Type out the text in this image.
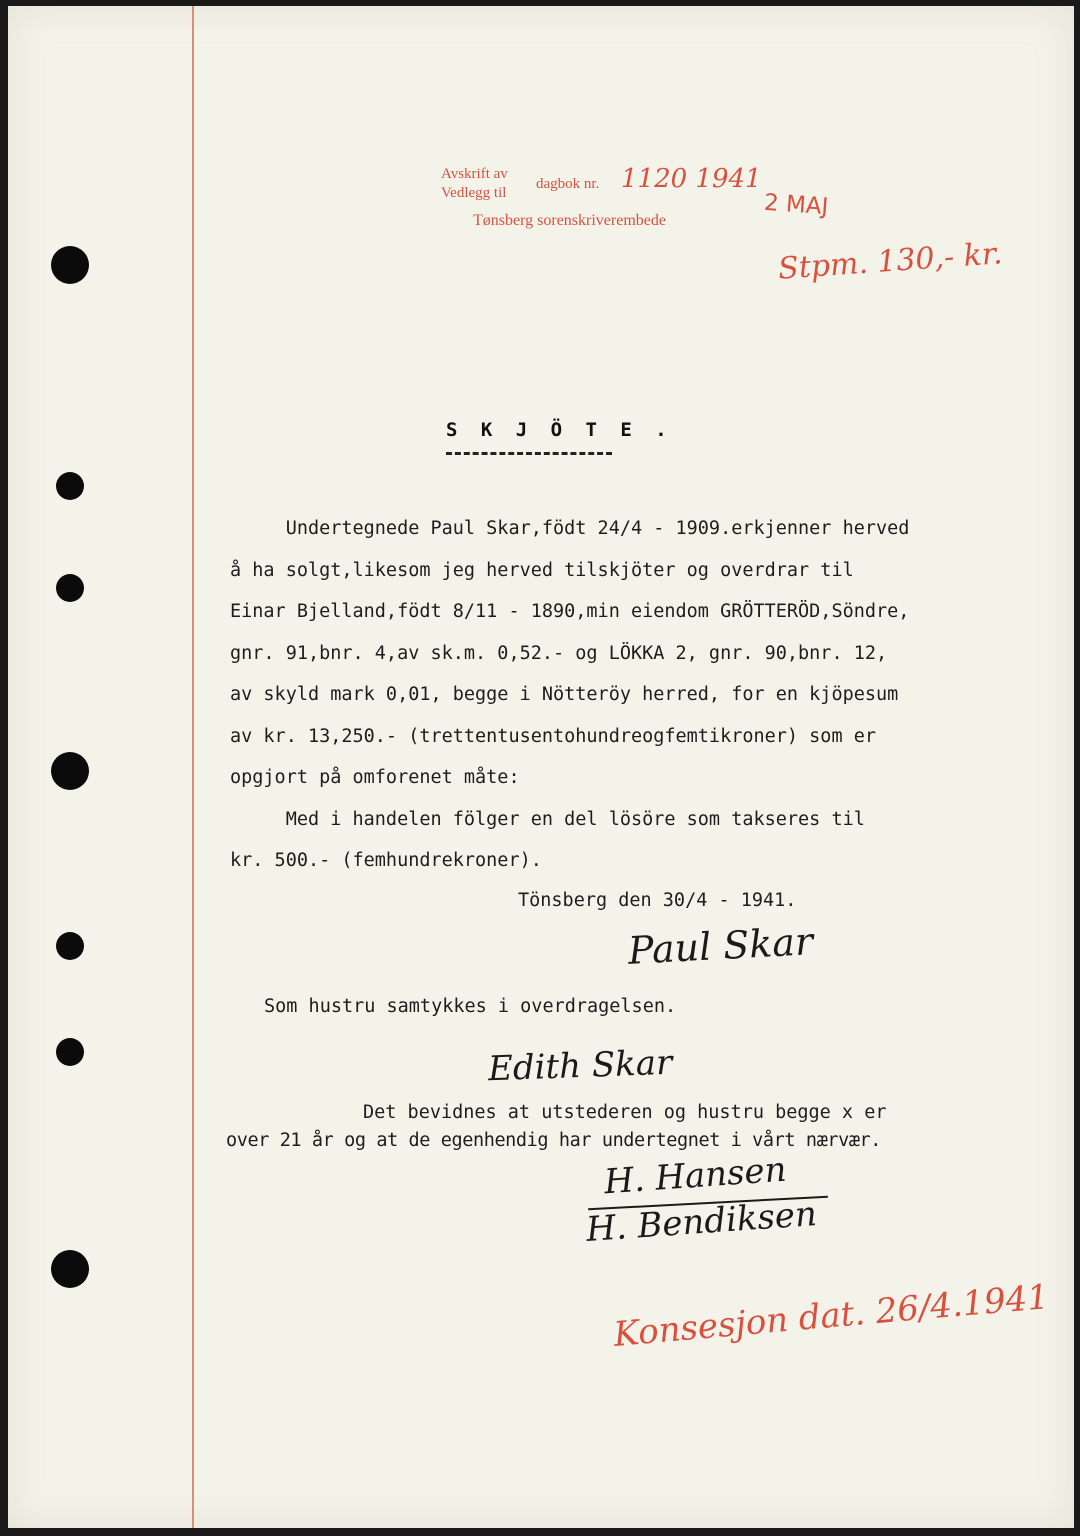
Avskrift av
Vedlegg til
dagbok nr. 1120 1941
Tønsberg sorenskriverembede
2 MAJ
Stpm. 130,- kr.
S K J Ö T E .
Undertegnede Paul Skar,födt 24/4 - 1909.erkjenner herved
å ha solgt,likesom jeg herved tilskjöter og overdrar til
Einar Bjelland,födt 8/11 - 1890,min eiendom GRÖTTERÖD,Söndre,
gnr. 91,bnr. 4,av sk.m. 0,52.- og LÖKKA 2, gnr. 90,bnr. 12,
av skyld mark 0,01, begge i Nötteröy herred, for en kjöpesum
av kr. 13,250.- (trettentusentohundreogfemtikroner) som er
opgjort på omforenet måte:
Med i handelen fölger en del lösöre som takseres til
kr. 500.- (femhundrekroner).
Tönsberg den 30/4 - 1941.
Paul Skar
Som hustru samtykkes i overdragelsen.
Edith Skar
Det bevidnes at utstederen og hustru begge x er
over 21 år og at de egenhendig har undertegnet i vårt nærvær.
H. Hansen
H. Bendiksen
Konsesjon dat. 26/4.1941
